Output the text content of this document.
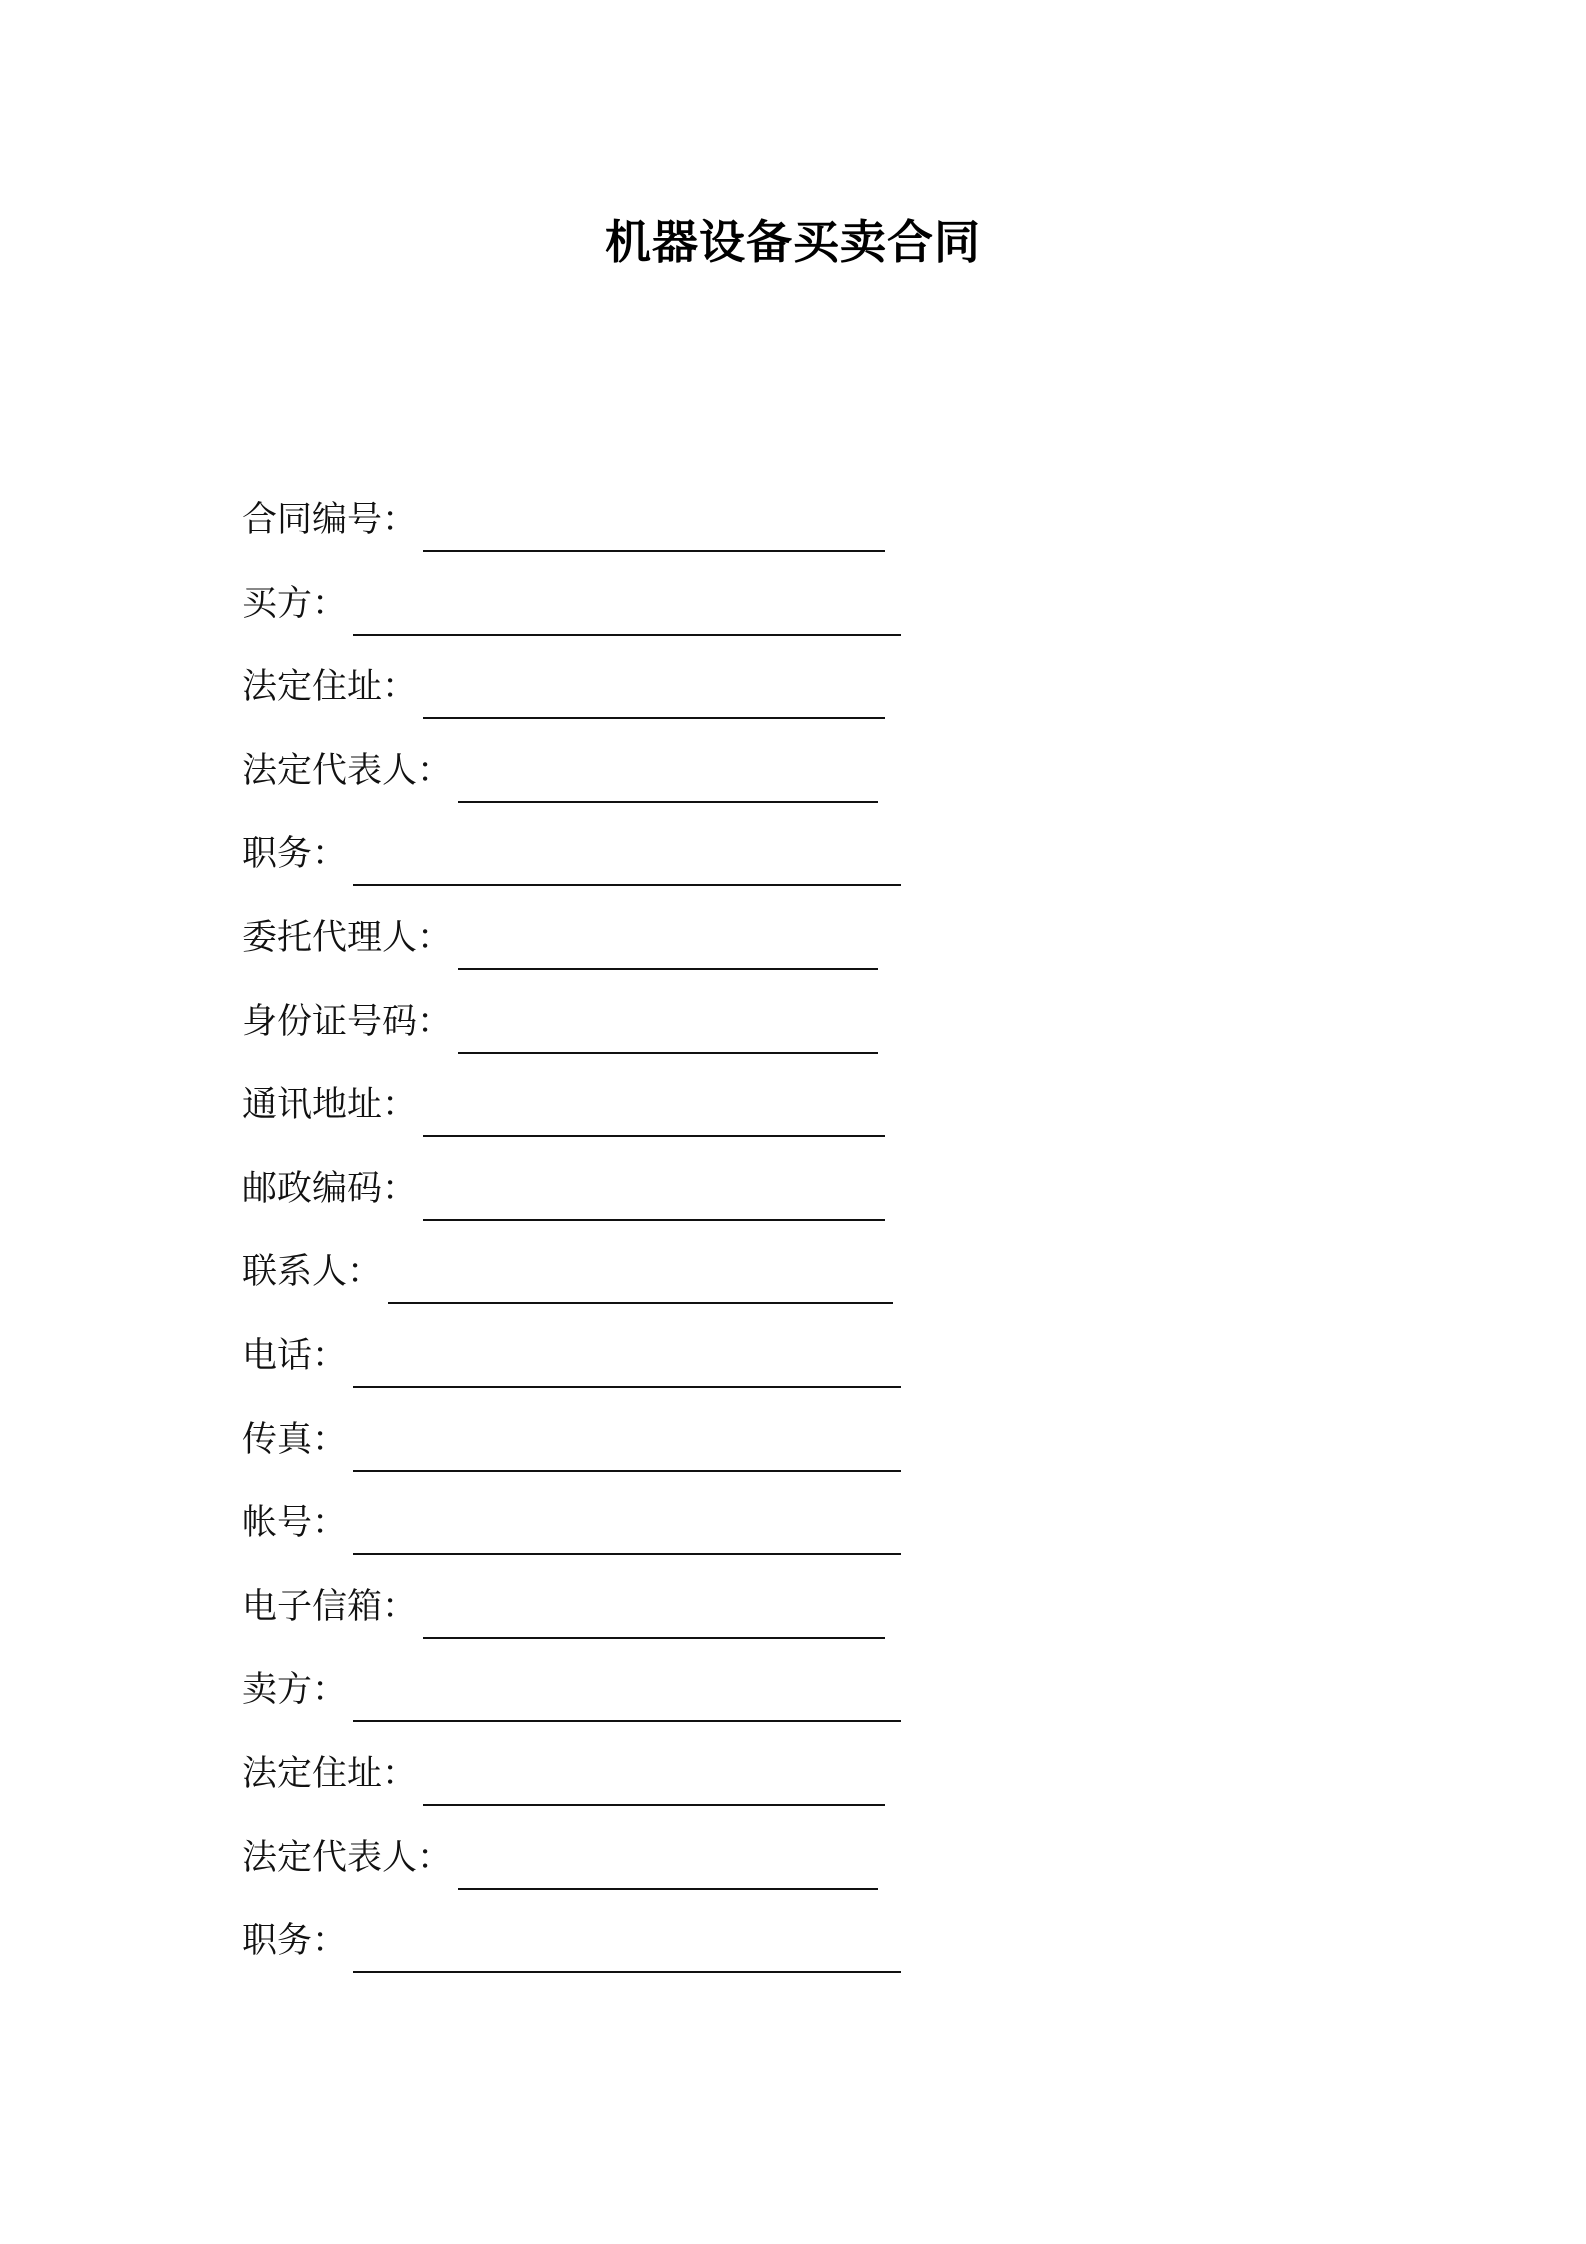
机器设备买卖合同
合同编号：
买方：
法定住址：
法定代表人：
职务：
委托代理人：
身份证号码：
通讯地址：
邮政编码：
联系人：
电话：
传真：
帐号：
电子信箱：
卖方：
法定住址：
法定代表人：
职务：
